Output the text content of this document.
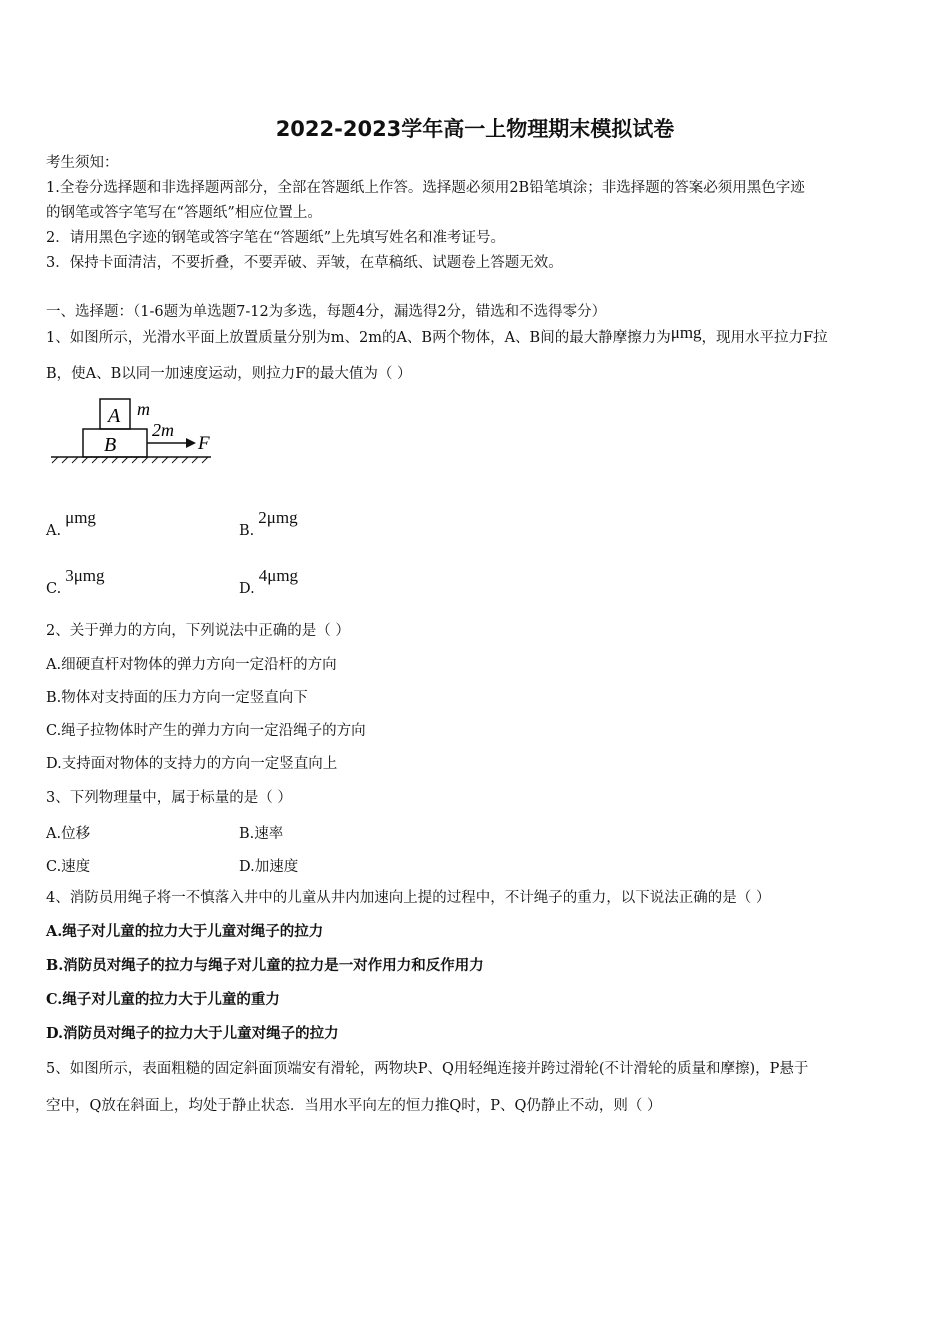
2022-2023学年高一上物理期末模拟试卷
考生须知：
1.全卷分选择题和非选择题两部分，全部在答题纸上作答。选择题必须用2B铅笔填涂；非选择题的答案必须用黑色字迹
的钢笔或答字笔写在“答题纸”相应位置上。
2．请用黑色字迹的钢笔或答字笔在“答题纸”上先填写姓名和准考证号。
3．保持卡面清洁，不要折叠，不要弄破、弄皱，在草稿纸、试题卷上答题无效。
一、选择题：（1-6题为单选题7-12为多选，每题4分，漏选得2分，错选和不选得零分）
1、如图所示，光滑水平面上放置质量分别为m、2m的A、B两个物体，A、B间的最大静摩擦力为μmg，现用水平拉力F拉
B，使A、B以同一加速度运动，则拉力F的最大值为（ ）
A
B
m
2m
F
A.μmg
B.2μmg
C.3μmg
D.4μmg
2、关于弹力的方向，下列说法中正确的是（ ）
A.细硬直杆对物体的弹力方向一定沿杆的方向
B.物体对支持面的压力方向一定竖直向下
C.绳子拉物体时产生的弹力方向一定沿绳子的方向
D.支持面对物体的支持力的方向一定竖直向上
3、下列物理量中，属于标量的是（ ）
A.位移	B.速率
C.速度	D.加速度
4、消防员用绳子将一不慎落入井中的儿童从井内加速向上提的过程中，不计绳子的重力，以下说法正确的是（ ）
A.绳子对儿童的拉力大于儿童对绳子的拉力
B.消防员对绳子的拉力与绳子对儿童的拉力是一对作用力和反作用力
C.绳子对儿童的拉力大于儿童的重力
D.消防员对绳子的拉力大于儿童对绳子的拉力
5、如图所示，表面粗糙的固定斜面顶端安有滑轮，两物块P、Q用轻绳连接并跨过滑轮(不计滑轮的质量和摩擦)，P悬于
空中，Q放在斜面上，均处于静止状态．当用水平向左的恒力推Q时，P、Q仍静止不动，则（ ）
